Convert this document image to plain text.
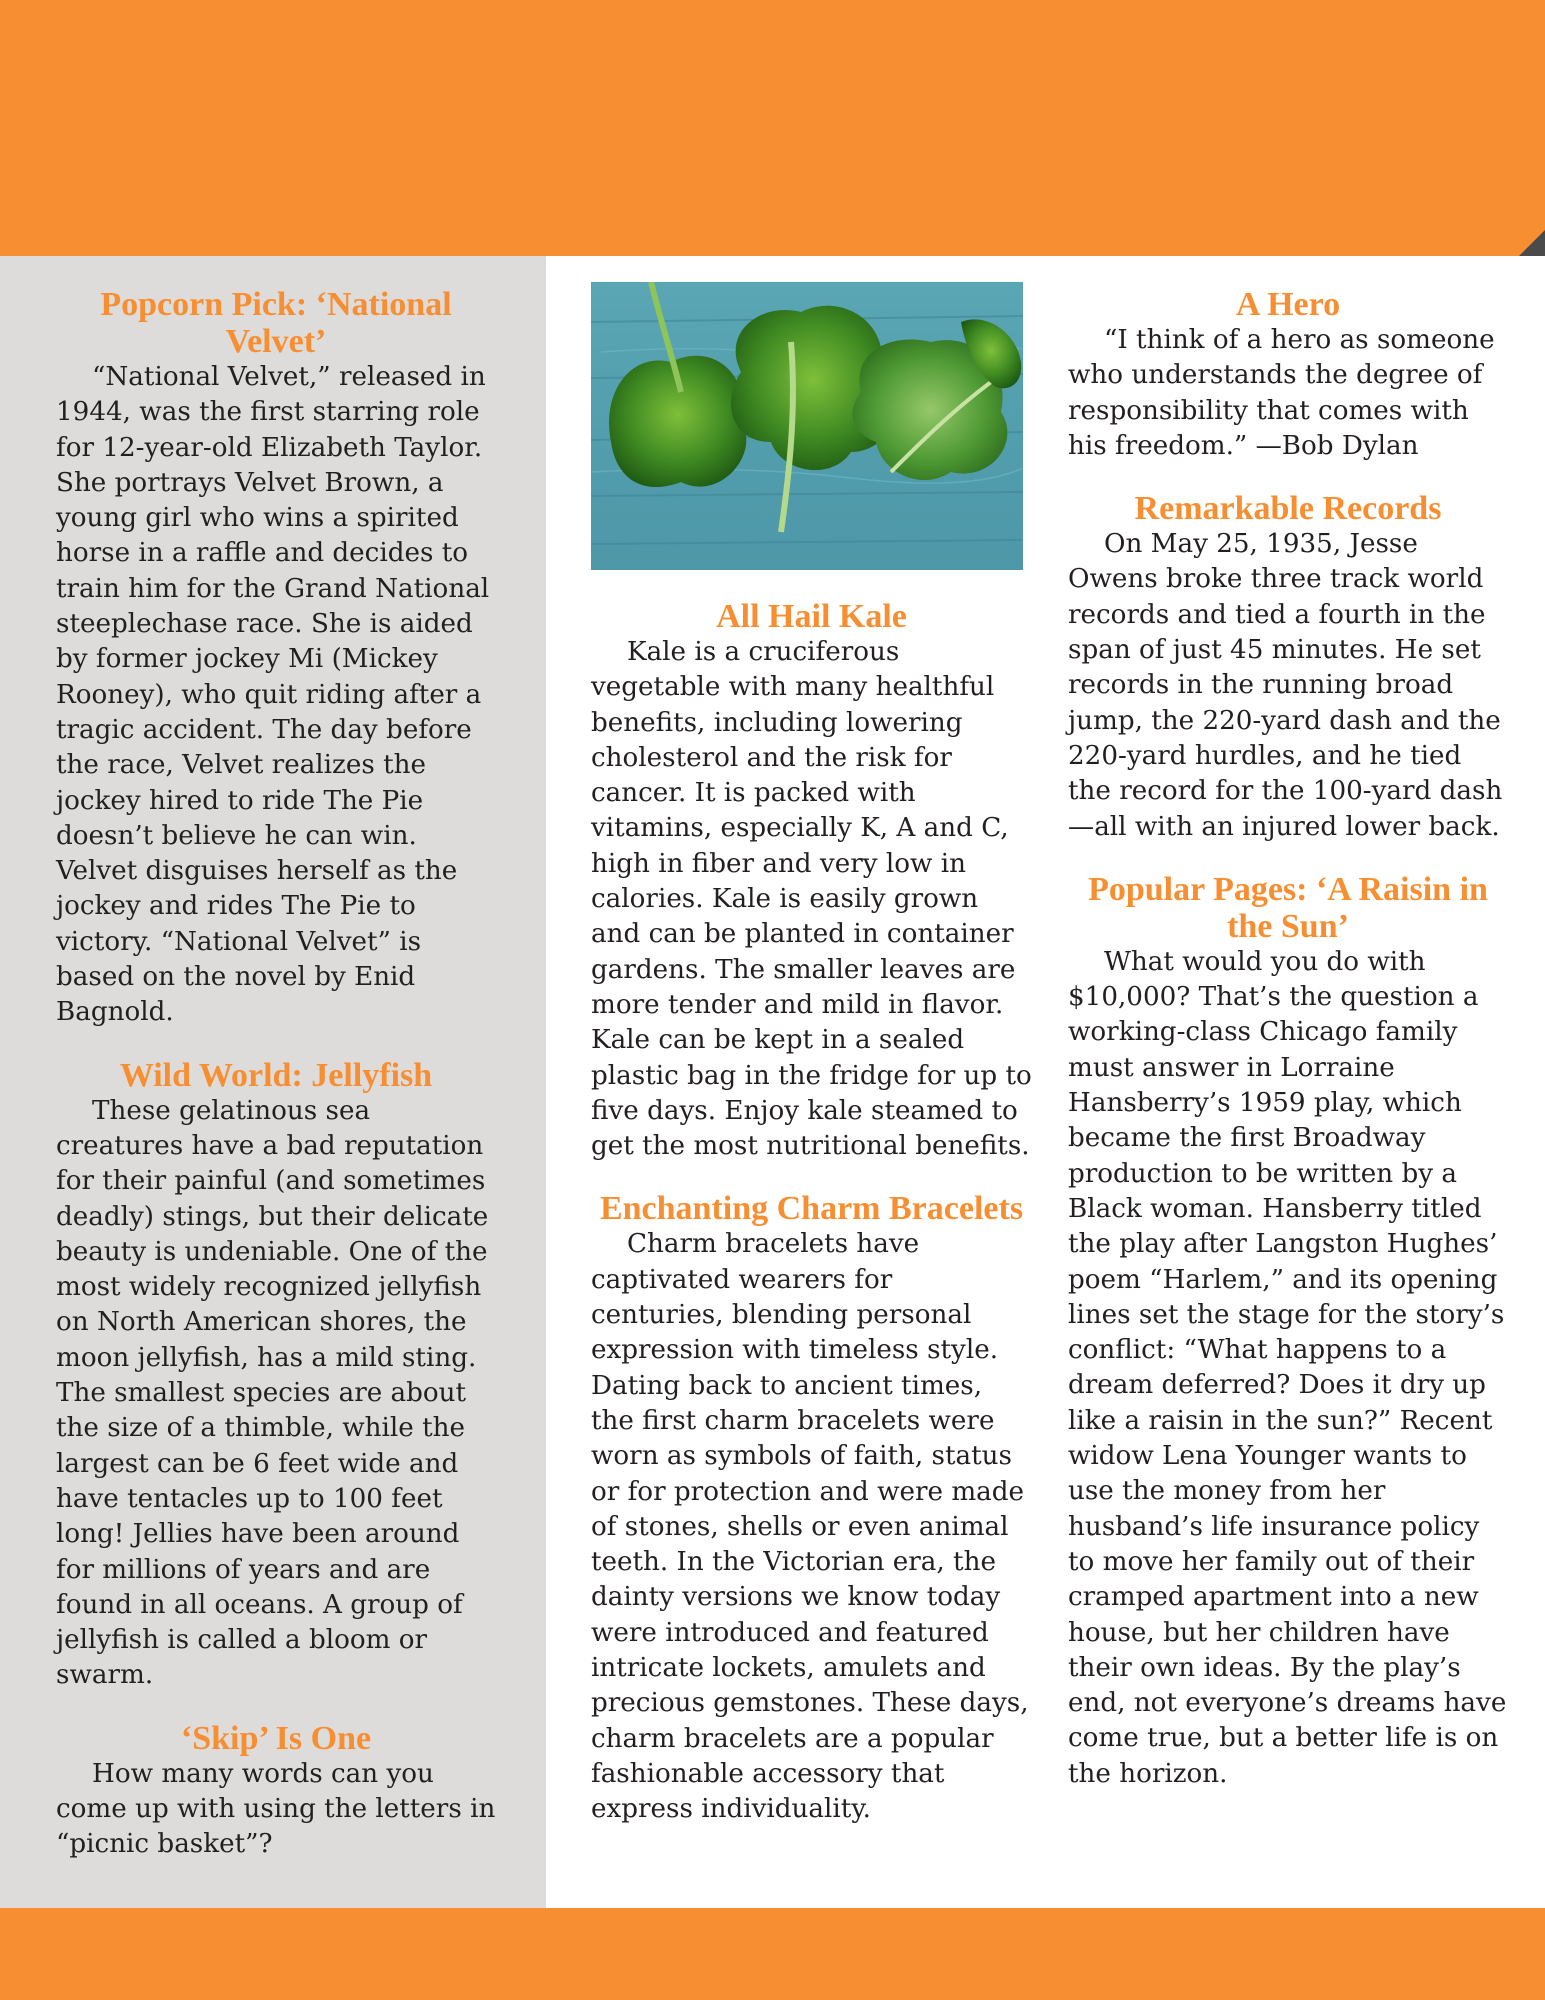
Popcorn Pick: ‘National Velvet’

“National Velvet,” released in 1944, was the first starring role for 12-year-old Elizabeth Taylor. She portrays Velvet Brown, a young girl who wins a spirited horse in a raffle and decides to train him for the Grand National steeplechase race. She is aided by former jockey Mi (Mickey Rooney), who quit riding after a tragic accident. The day before the race, Velvet realizes the jockey hired to ride The Pie doesn’t believe he can win. Velvet disguises herself as the jockey and rides The Pie to victory. “National Velvet” is based on the novel by Enid Bagnold.

Wild World: Jellyfish

These gelatinous sea creatures have a bad reputation for their painful (and sometimes deadly) stings, but their delicate beauty is undeniable. One of the most widely recognized jellyfish on North American shores, the moon jellyfish, has a mild sting. The smallest species are about the size of a thimble, while the largest can be 6 feet wide and have tentacles up to 100 feet long! Jellies have been around for millions of years and are found in all oceans. A group of jellyfish is called a bloom or swarm.

‘Skip’ Is One

How many words can you come up with using the letters in “picnic basket”?

All Hail Kale

Kale is a cruciferous vegetable with many healthful benefits, including lowering cholesterol and the risk for cancer. It is packed with vitamins, especially K, A and C, high in fiber and very low in calories. Kale is easily grown and can be planted in container gardens. The smaller leaves are more tender and mild in flavor. Kale can be kept in a sealed plastic bag in the fridge for up to five days. Enjoy kale steamed to get the most nutritional benefits.

Enchanting Charm Bracelets

Charm bracelets have captivated wearers for centuries, blending personal expression with timeless style. Dating back to ancient times, the first charm bracelets were worn as symbols of faith, status or for protection and were made of stones, shells or even animal teeth. In the Victorian era, the dainty versions we know today were introduced and featured intricate lockets, amulets and precious gemstones. These days, charm bracelets are a popular fashionable accessory that express individuality.

A Hero

“I think of a hero as someone who understands the degree of responsibility that comes with his freedom.” —Bob Dylan

Remarkable Records

On May 25, 1935, Jesse Owens broke three track world records and tied a fourth in the span of just 45 minutes. He set records in the running broad jump, the 220-yard dash and the 220-yard hurdles, and he tied the record for the 100-yard dash—all with an injured lower back.

Popular Pages: ‘A Raisin in the Sun’

What would you do with $10,000? That’s the question a working-class Chicago family must answer in Lorraine Hansberry’s 1959 play, which became the first Broadway production to be written by a Black woman. Hansberry titled the play after Langston Hughes’ poem “Harlem,” and its opening lines set the stage for the story’s conflict: “What happens to a dream deferred? Does it dry up like a raisin in the sun?” Recent widow Lena Younger wants to use the money from her husband’s life insurance policy to move her family out of their cramped apartment into a new house, but her children have their own ideas. By the play’s end, not everyone’s dreams have come true, but a better life is on the horizon.
